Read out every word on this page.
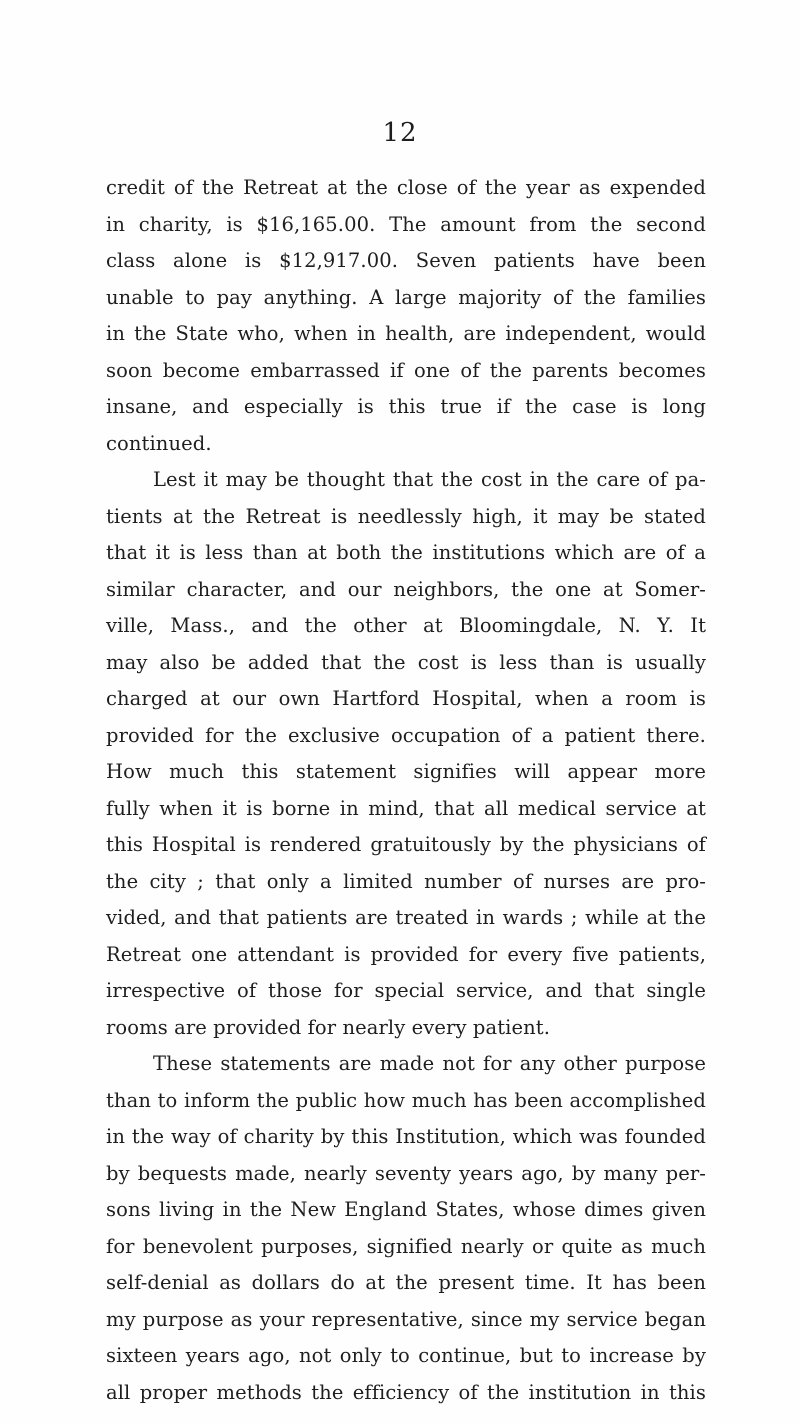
12
credit of the Retreat at the close of the year as expended
in charity, is $16,165.00. The amount from the second
class alone is $12,917.00. Seven patients have been
unable to pay anything. A large majority of the families
in the State who, when in health, are independent, would
soon become embarrassed if one of the parents becomes
insane, and especially is this true if the case is long
continued.
Lest it may be thought that the cost in the care of pa-
tients at the Retreat is needlessly high, it may be stated
that it is less than at both the institutions which are of a
similar character, and our neighbors, the one at Somer-
ville, Mass., and the other at Bloomingdale, N. Y. It
may also be added that the cost is less than is usually
charged at our own Hartford Hospital, when a room is
provided for the exclusive occupation of a patient there.
How much this statement signifies will appear more
fully when it is borne in mind, that all medical service at
this Hospital is rendered gratuitously by the physicians of
the city ; that only a limited number of nurses are pro-
vided, and that patients are treated in wards ; while at the
Retreat one attendant is provided for every five patients,
irrespective of those for special service, and that single
rooms are provided for nearly every patient.
These statements are made not for any other purpose
than to inform the public how much has been accomplished
in the way of charity by this Institution, which was founded
by bequests made, nearly seventy years ago, by many per-
sons living in the New England States, whose dimes given
for benevolent purposes, signified nearly or quite as much
self-denial as dollars do at the present time. It has been
my purpose as your representative, since my service began
sixteen years ago, not only to continue, but to increase by
all proper methods the efficiency of the institution in this
